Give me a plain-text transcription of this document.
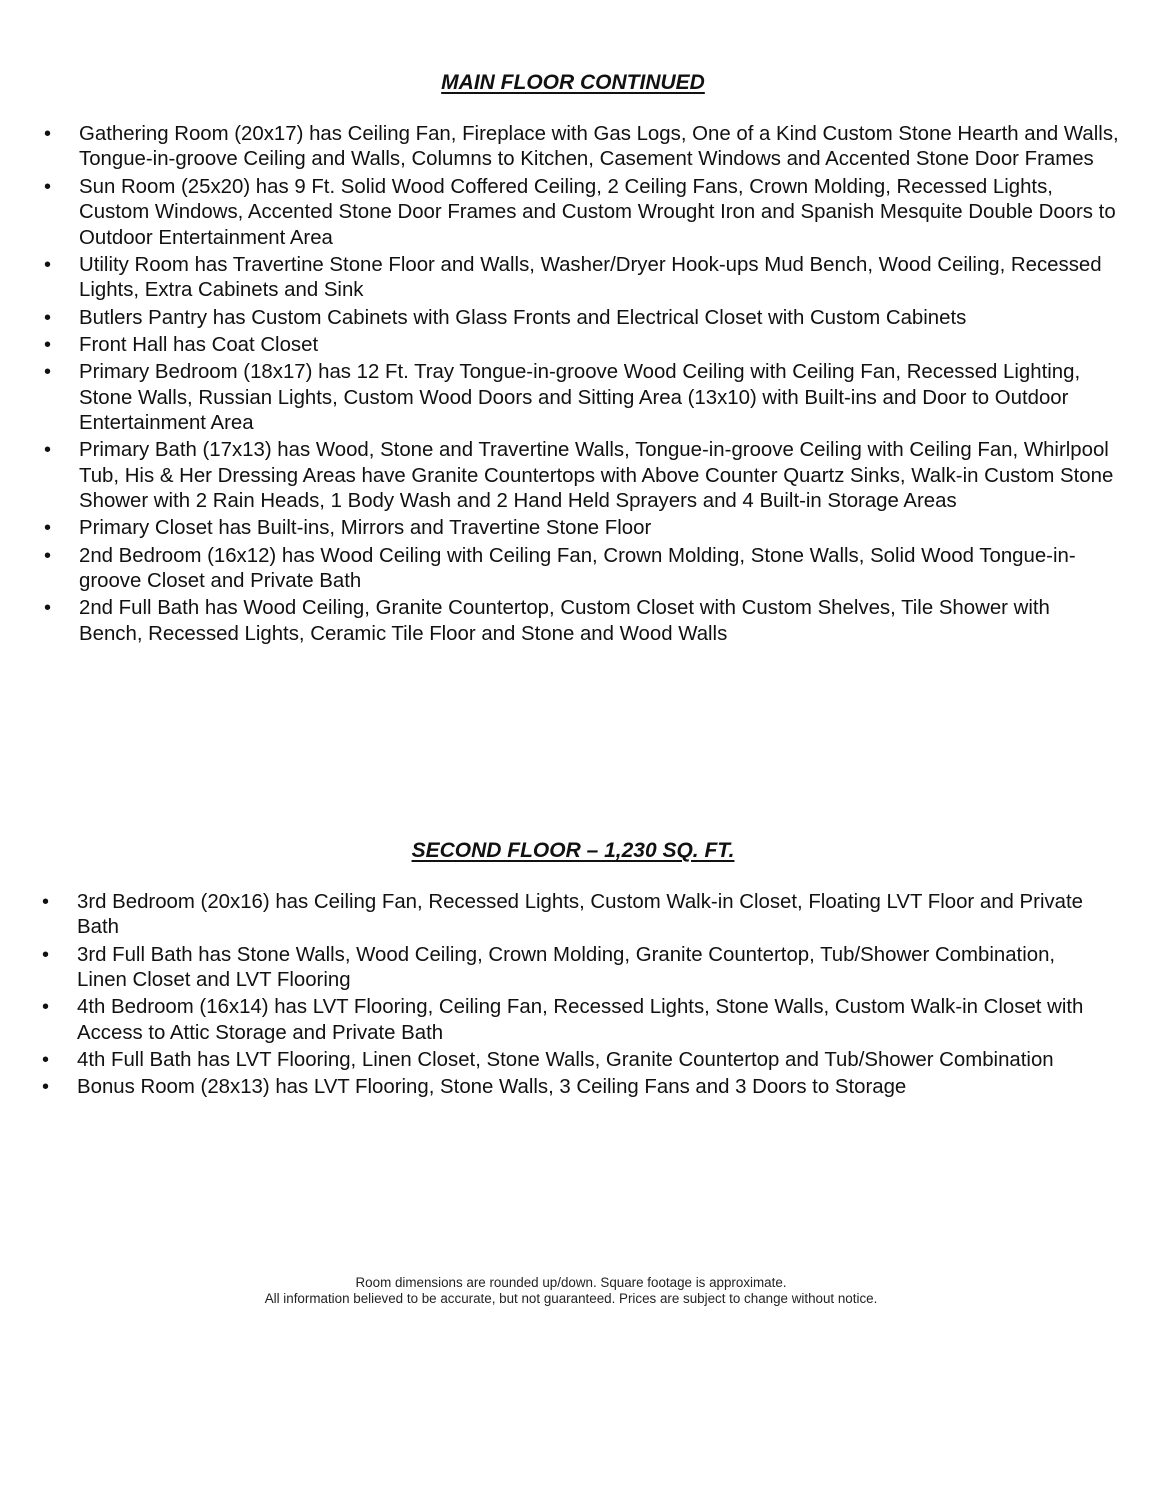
MAIN FLOOR CONTINUED
• Gathering Room (20x17) has Ceiling Fan, Fireplace with Gas Logs, One of a Kind Custom Stone Hearth and Walls, Tongue-in-groove Ceiling and Walls, Columns to Kitchen, Casement Windows and Accented Stone Door Frames
• Sun Room (25x20) has 9 Ft. Solid Wood Coffered Ceiling, 2 Ceiling Fans, Crown Molding, Recessed Lights, Custom Windows, Accented Stone Door Frames and Custom Wrought Iron and Spanish Mesquite Double Doors to Outdoor Entertainment Area
• Utility Room has Travertine Stone Floor and Walls, Washer/Dryer Hook-ups Mud Bench, Wood Ceiling, Recessed Lights, Extra Cabinets and Sink
• Butlers Pantry has Custom Cabinets with Glass Fronts and Electrical Closet with Custom Cabinets
• Front Hall has Coat Closet
• Primary Bedroom (18x17) has 12 Ft. Tray Tongue-in-groove Wood Ceiling with Ceiling Fan, Recessed Lighting, Stone Walls, Russian Lights, Custom Wood Doors and Sitting Area (13x10) with Built-ins and Door to Outdoor Entertainment Area
• Primary Bath (17x13) has Wood, Stone and Travertine Walls, Tongue-in-groove Ceiling with Ceiling Fan, Whirlpool Tub, His & Her Dressing Areas have Granite Countertops with Above Counter Quartz Sinks, Walk-in Custom Stone Shower with 2 Rain Heads, 1 Body Wash and 2 Hand Held Sprayers and 4 Built-in Storage Areas
• Primary Closet has Built-ins, Mirrors and Travertine Stone Floor
• 2nd Bedroom (16x12) has Wood Ceiling with Ceiling Fan, Crown Molding, Stone Walls, Solid Wood Tongue-in-groove Closet and Private Bath
• 2nd Full Bath has Wood Ceiling, Granite Countertop, Custom Closet with Custom Shelves, Tile Shower with Bench, Recessed Lights, Ceramic Tile Floor and Stone and Wood Walls
SECOND FLOOR – 1,230 SQ. FT.
• 3rd Bedroom (20x16) has Ceiling Fan, Recessed Lights, Custom Walk-in Closet, Floating LVT Floor and Private Bath
• 3rd Full Bath has Stone Walls, Wood Ceiling, Crown Molding, Granite Countertop, Tub/Shower Combination, Linen Closet and LVT Flooring
• 4th Bedroom (16x14) has LVT Flooring, Ceiling Fan, Recessed Lights, Stone Walls, Custom Walk-in Closet with Access to Attic Storage and Private Bath
• 4th Full Bath has LVT Flooring, Linen Closet, Stone Walls, Granite Countertop and Tub/Shower Combination
• Bonus Room (28x13) has LVT Flooring, Stone Walls, 3 Ceiling Fans and 3 Doors to Storage

Room dimensions are rounded up/down. Square footage is approximate.

All information believed to be accurate, but not guaranteed. Prices are subject to change without notice.
